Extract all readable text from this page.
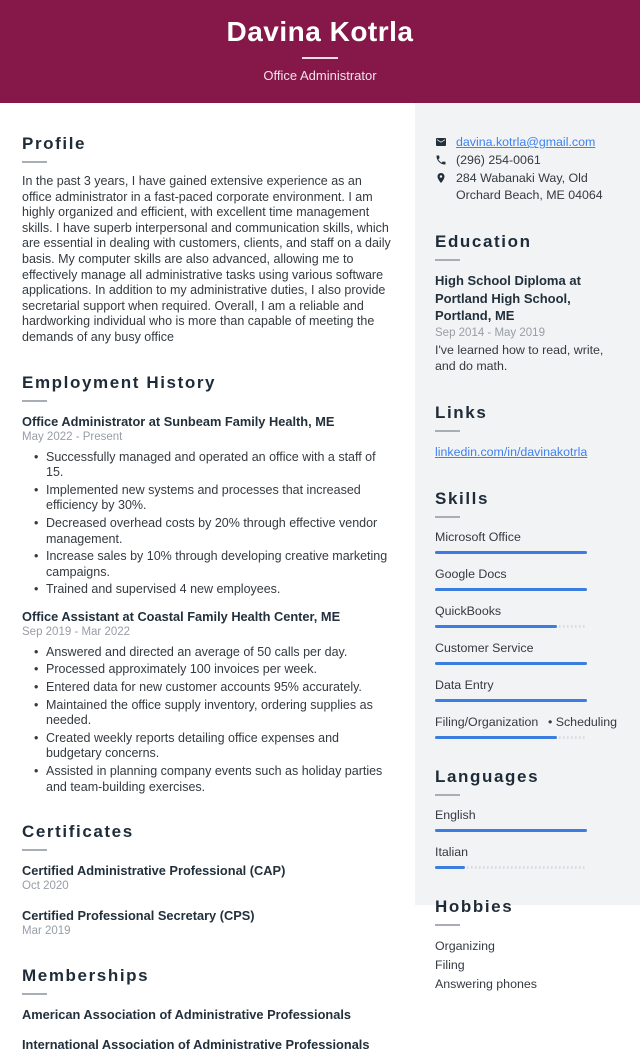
Davina Kotrla
Office Administrator
Profile
In the past 3 years, I have gained extensive experience as an office administrator in a fast-paced corporate environment. I am highly organized and efficient, with excellent time management skills. I have superb interpersonal and communication skills, which are essential in dealing with customers, clients, and staff on a daily basis. My computer skills are also advanced, allowing me to effectively manage all administrative tasks using various software applications. In addition to my administrative duties, I also provide secretarial support when required. Overall, I am a reliable and hardworking individual who is more than capable of meeting the demands of any busy office
Employment History
Office Administrator at Sunbeam Family Health, ME
May 2022 - Present
• Successfully managed and operated an office with a staff of 15.
• Implemented new systems and processes that increased efficiency by 30%.
• Decreased overhead costs by 20% through effective vendor management.
• Increase sales by 10% through developing creative marketing campaigns.
• Trained and supervised 4 new employees.
Office Assistant at Coastal Family Health Center, ME
Sep 2019 - Mar 2022
• Answered and directed an average of 50 calls per day.
• Processed approximately 100 invoices per week.
• Entered data for new customer accounts 95% accurately.
• Maintained the office supply inventory, ordering supplies as needed.
• Created weekly reports detailing office expenses and budgetary concerns.
• Assisted in planning company events such as holiday parties and team-building exercises.
Certificates
Certified Administrative Professional (CAP)
Oct 2020
Certified Professional Secretary (CPS)
Mar 2019
Memberships
American Association of Administrative Professionals
International Association of Administrative Professionals
davina.kotrla@gmail.com
(296) 254-0061
284 Wabanaki Way, Old Orchard Beach, ME 04064
Education
High School Diploma at Portland High School, Portland, ME
Sep 2014 - May 2019
I've learned how to read, write, and do math.
Links
linkedin.com/in/davinakotrla
Skills
Microsoft Office
Google Docs
QuickBooks
Customer Service
Data Entry
Filing/Organization  • Scheduling
Languages
English
Italian
Hobbies
Organizing
Filing
Answering phones
